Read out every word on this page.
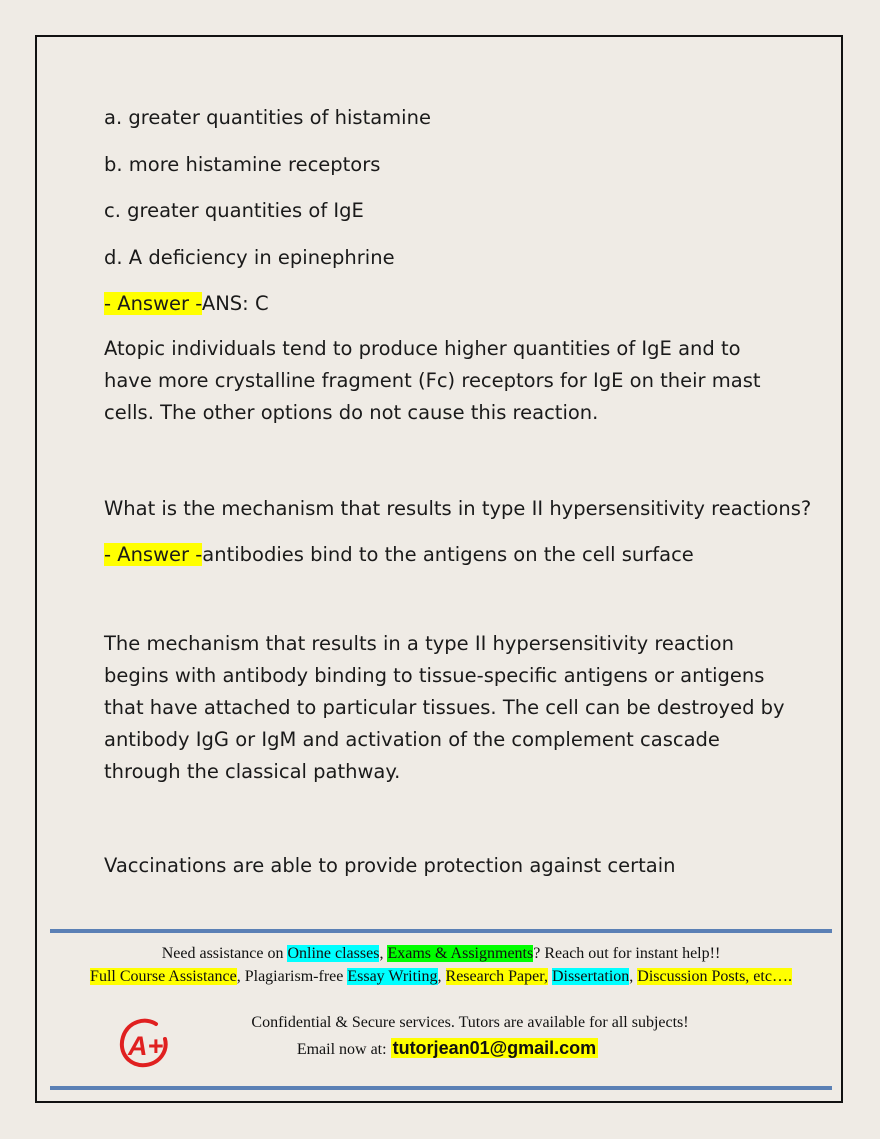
a. greater quantities of histamine
b. more histamine receptors
c. greater quantities of IgE
d. A deficiency in epinephrine
- Answer -ANS: C

Atopic individuals tend to produce higher quantities of IgE and to have more crystalline fragment (Fc) receptors for IgE on their mast cells. The other options do not cause this reaction.

What is the mechanism that results in type II hypersensitivity reactions?
- Answer -antibodies bind to the antigens on the cell surface

The mechanism that results in a type II hypersensitivity reaction begins with antibody binding to tissue-specific antigens or antigens that have attached to particular tissues. The cell can be destroyed by antibody IgG or IgM and activation of the complement cascade through the classical pathway.

Vaccinations are able to provide protection against certain
Need assistance on Online classes, Exams & Assignments? Reach out for instant help!!
Full Course Assistance, Plagiarism-free Essay Writing, Research Paper, Dissertation, Discussion Posts, etc….
A+
Confidential & Secure services. Tutors are available for all subjects!
Email now at: tutorjean01@gmail.com
